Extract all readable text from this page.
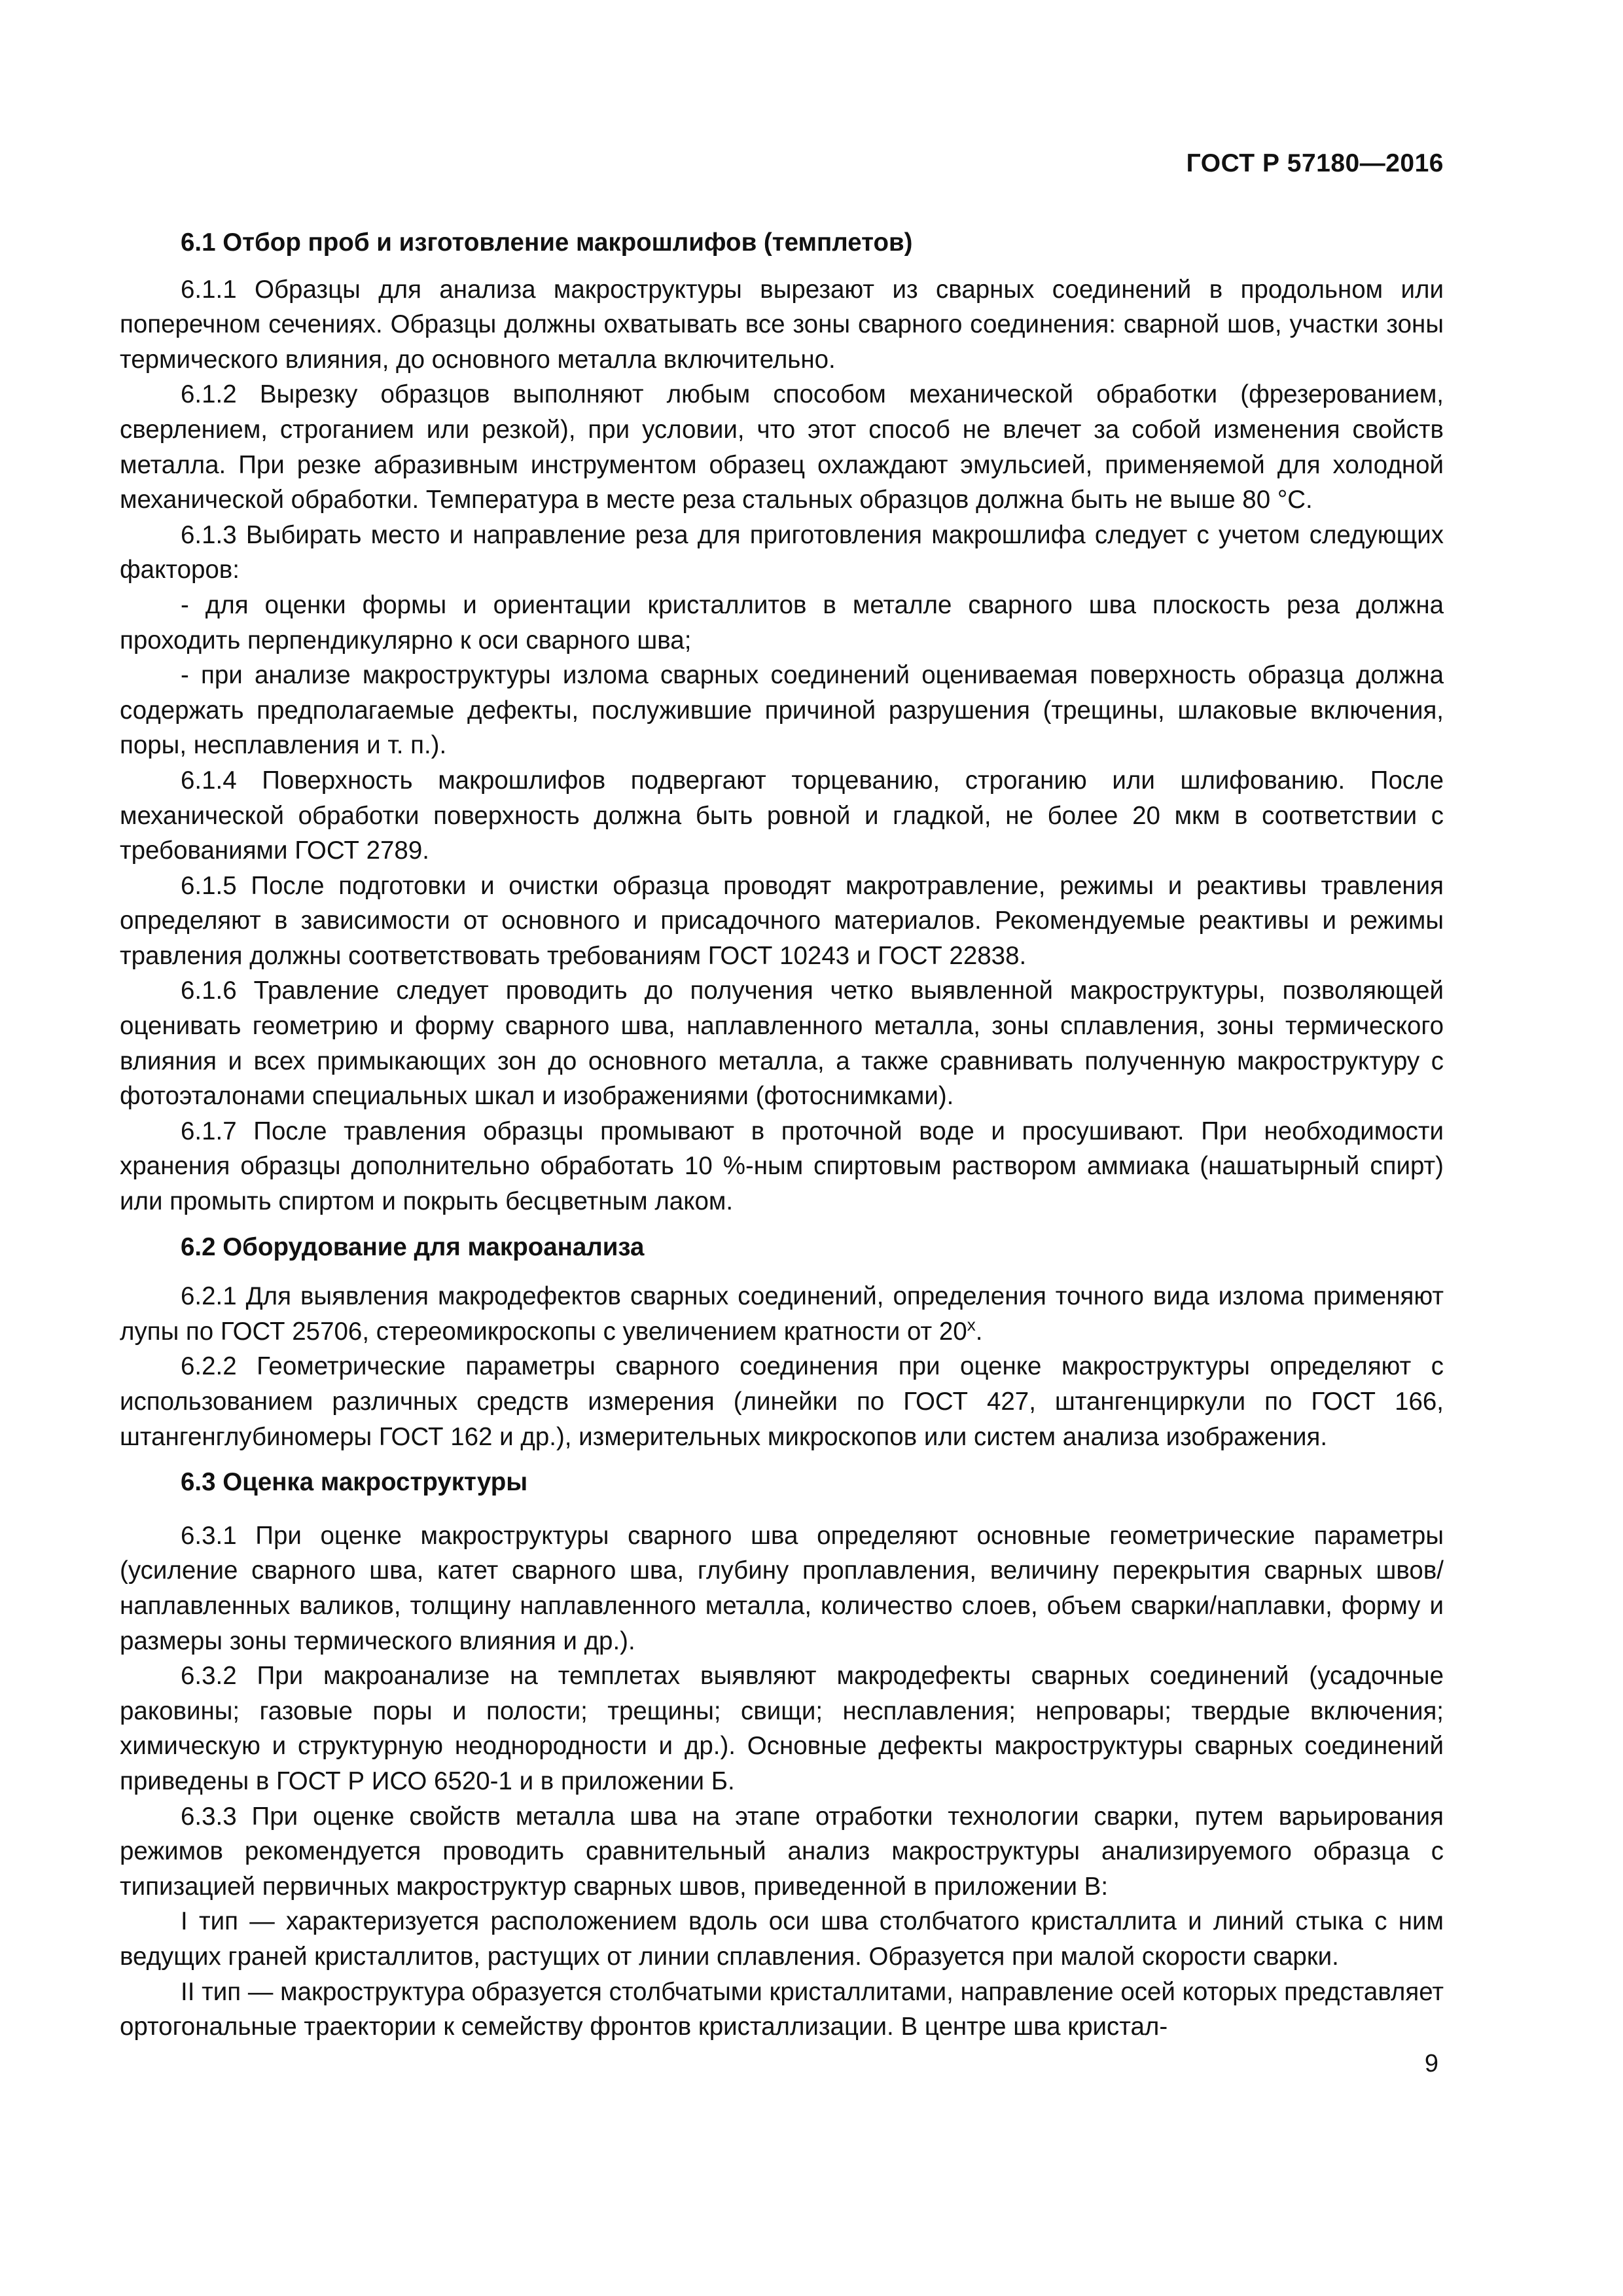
ГОСТ Р 57180—2016
6.1 Отбор проб и изготовление макрошлифов (темплетов)

6.1.1 Образцы для анализа макроструктуры вырезают из сварных соединений в продольном или поперечном сечениях. Образцы должны охватывать все зоны сварного соединения: сварной шов, участки зоны термического влияния, до основного металла включительно.

6.1.2 Вырезку образцов выполняют любым способом механической обработки (фрезерованием, сверлением, строганием или резкой), при условии, что этот способ не влечет за собой изменения свойств металла. При резке абразивным инструментом образец охлаждают эмульсией, применяемой для холодной механической обработки. Температура в месте реза стальных образцов должна быть не выше 80 °С.

6.1.3 Выбирать место и направление реза для приготовления макрошлифа следует с учетом следующих факторов:

- для оценки формы и ориентации кристаллитов в металле сварного шва плоскость реза должна проходить перпендикулярно к оси сварного шва;

- при анализе макроструктуры излома сварных соединений оцениваемая поверхность образца должна содержать предполагаемые дефекты, послужившие причиной разрушения (трещины, шлаковые включения, поры, несплавления и т. п.).

6.1.4 Поверхность макрошлифов подвергают торцеванию, строганию или шлифованию. После механической обработки поверхность должна быть ровной и гладкой, не более 20 мкм в соответствии с требованиями ГОСТ 2789.

6.1.5 После подготовки и очистки образца проводят макротравление, режимы и реактивы травления определяют в зависимости от основного и присадочного материалов. Рекомендуемые реактивы и режимы травления должны соответствовать требованиям ГОСТ 10243 и ГОСТ 22838.

6.1.6 Травление следует проводить до получения четко выявленной макроструктуры, позволяющей оценивать геометрию и форму сварного шва, наплавленного металла, зоны сплавления, зоны термического влияния и всех примыкающих зон до основного металла, а также сравнивать полученную макроструктуру с фотоэталонами специальных шкал и изображениями (фотоснимками).

6.1.7 После травления образцы промывают в проточной воде и просушивают. При необходимости хранения образцы дополнительно обработать 10 %-ным спиртовым раствором аммиака (нашатырный спирт) или промыть спиртом и покрыть бесцветным лаком.

6.2 Оборудование для макроанализа

6.2.1 Для выявления макродефектов сварных соединений, определения точного вида излома применяют лупы по ГОСТ 25706, стереомикроскопы с увеличением кратности от 20$^x$.

6.2.2 Геометрические параметры сварного соединения при оценке макроструктуры определяют с использованием различных средств измерения (линейки по ГОСТ 427, штангенциркули по ГОСТ 166, штангенглубиномеры ГОСТ 162 и др.), измерительных микроскопов или систем анализа изображения.

6.3 Оценка макроструктуры

6.3.1 При оценке макроструктуры сварного шва определяют основные геометрические параметры (усиление сварного шва, катет сварного шва, глубину проплавления, величину перекрытия сварных швов/наплавленных валиков, толщину наплавленного металла, количество слоев, объем сварки/наплавки, форму и размеры зоны термического влияния и др.).

6.3.2 При макроанализе на темплетах выявляют макродефекты сварных соединений (усадочные раковины; газовые поры и полости; трещины; свищи; несплавления; непровары; твердые включения; химическую и структурную неоднородности и др.). Основные дефекты макроструктуры сварных соединений приведены в ГОСТ Р ИСО 6520-1 и в приложении Б.

6.3.3 При оценке свойств металла шва на этапе отработки технологии сварки, путем варьирования режимов рекомендуется проводить сравнительный анализ макроструктуры анализируемого образца с типизацией первичных макроструктур сварных швов, приведенной в приложении В:

I тип — характеризуется расположением вдоль оси шва столбчатого кристаллита и линий стыка с ним ведущих граней кристаллитов, растущих от линии сплавления. Образуется при малой скорости сварки.

II тип — макроструктура образуется столбчатыми кристаллитами, направление осей которых представляет ортогональные траектории к семейству фронтов кристаллизации. В центре шва кристал-

9
